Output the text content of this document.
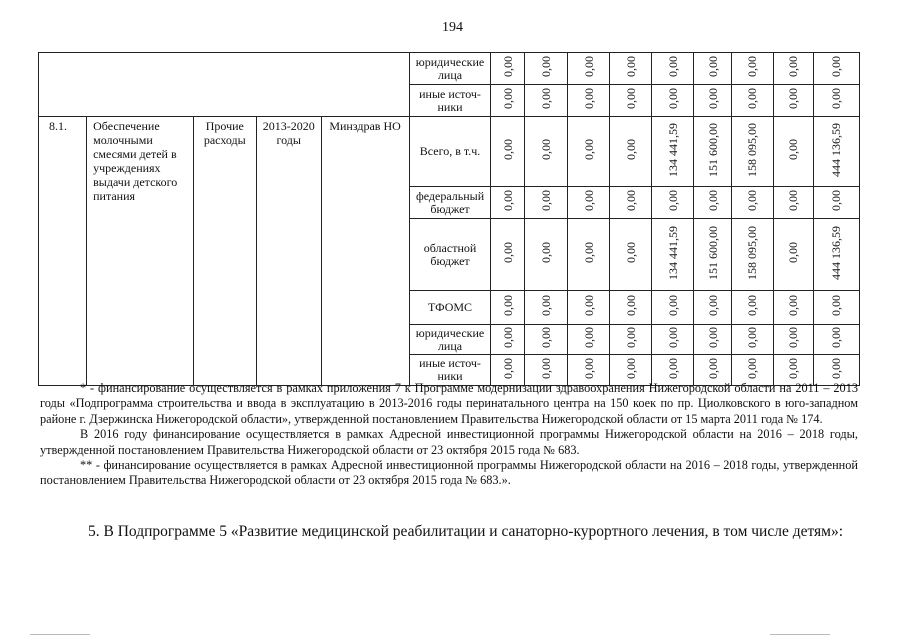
194
					юридические лица	0,00	0,00	0,00	0,00	0,00	0,00	0,00	0,00	0,00
					иные источ-ники	0,00	0,00	0,00	0,00	0,00	0,00	0,00	0,00	0,00
8.1.	Обеспечение молочными смесями детей в учреждениях выдачи детского питания	Прочие расходы	2013-2020 годы	Минздрав НО	Всего, в т.ч.	0,00	0,00	0,00	0,00	134 441,59	151 600,00	158 095,00	0,00	444 136,59
					федеральный бюджет	0,00	0,00	0,00	0,00	0,00	0,00	0,00	0,00	0,00
					областной бюджет	0,00	0,00	0,00	0,00	134 441,59	151 600,00	158 095,00	0,00	444 136,59
					ТФОМС	0,00	0,00	0,00	0,00	0,00	0,00	0,00	0,00	0,00
					юридические лица	0,00	0,00	0,00	0,00	0,00	0,00	0,00	0,00	0,00
					иные источ-ники	0,00	0,00	0,00	0,00	0,00	0,00	0,00	0,00	0,00

* - финансирование осуществляется в рамках приложения 7 к Программе модернизации здравоохранения Нижегородской области на 2011 – 2013 годы «Подпрограмма строительства и ввода в эксплуатацию в 2013-2016 годы перинатального центра на 150 коек по пр. Циолковского в юго-западном районе г. Дзержинска Нижегородской области», утвержденной постановлением Правительства Нижегородской области от 15 марта 2011 года № 174.

В 2016 году финансирование осуществляется в рамках Адресной инвестиционной программы Нижегородской области на 2016 – 2018 годы, утвержденной постановлением Правительства Нижегородской области от 23 октября 2015 года № 683.

** - финансирование осуществляется в рамках Адресной инвестиционной программы Нижегородской области на 2016 – 2018 годы, утвержденной постановлением Правительства Нижегородской области от 23 октября 2015 года № 683.».

5. В Подпрограмме 5 «Развитие медицинской реабилитации и санаторно-курортного лечения, в том числе детям»:
